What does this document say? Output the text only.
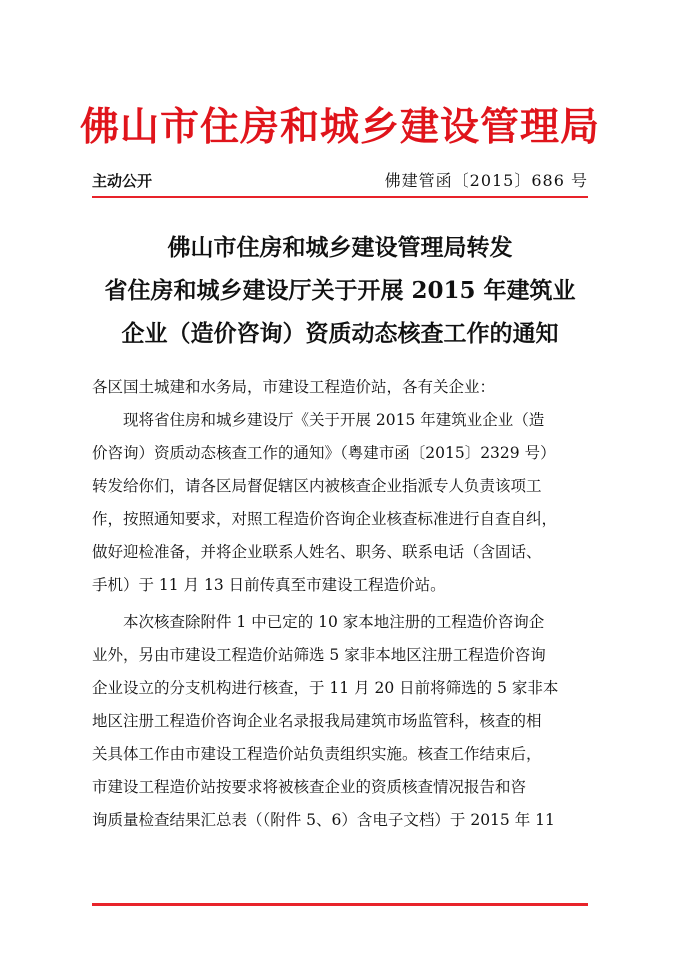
佛山市住房和城乡建设管理局
主动公开	佛建管函〔2015〕686 号
佛山市住房和城乡建设管理局转发
省住房和城乡建设厅关于开展 2015 年建筑业
企业（造价咨询）资质动态核查工作的通知
各区国土城建和水务局，市建设工程造价站，各有关企业：
现将省住房和城乡建设厅《关于开展 2015 年建筑业企业（造
价咨询）资质动态核查工作的通知》（粤建市函〔2015〕2329 号）
转发给你们，请各区局督促辖区内被核查企业指派专人负责该项工
作，按照通知要求，对照工程造价咨询企业核查标准进行自查自纠，
做好迎检准备，并将企业联系人姓名、职务、联系电话（含固话、
手机）于 11 月 13 日前传真至市建设工程造价站。
本次核查除附件 1 中已定的 10 家本地注册的工程造价咨询企
业外，另由市建设工程造价站筛选 5 家非本地区注册工程造价咨询
企业设立的分支机构进行核查，于 11 月 20 日前将筛选的 5 家非本
地区注册工程造价咨询企业名录报我局建筑市场监管科，核查的相
关具体工作由市建设工程造价站负责组织实施。核查工作结束后，
市建设工程造价站按要求将被核查企业的资质核查情况报告和咨
询质量检查结果汇总表（（附件 5、6）含电子文档）于 2015 年 11
